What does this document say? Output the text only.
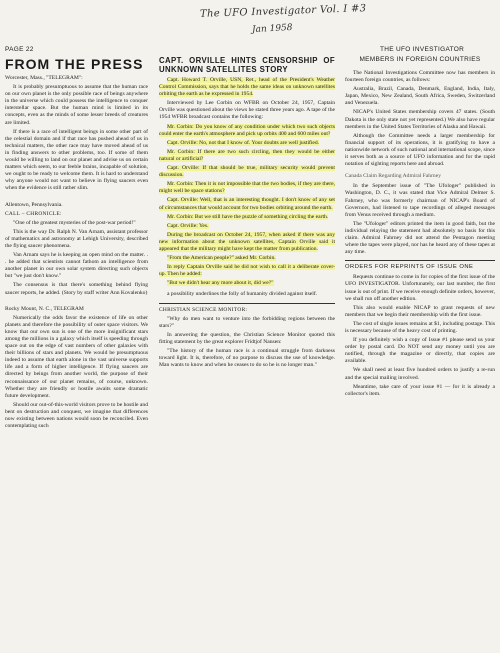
The UFO Investigator Vol. I #3
Jan 1958
PAGE 22	THE UFO INVESTIGATOR
FROM THE PRESS
Worcester, Mass., "TELEGRAM":

It is probably presumptuous to assume that the human race on our own planet is the only possible race of beings anywhere in the universe which could possess the intelligence to conquer interstellar space. But the human mind is limited in its concepts, even as the minds of some lesser breeds of creatures are limited.

If there is a race of intelligent beings in some other part of the celestial domain and if that race has pushed ahead of us in technical matters, the other race may have moved ahead of us in finding answers to other problems, too. If some of them would be willing to land on our planet and advise us on certain matters which seem, to our feeble brains, incapable of solution, we ought to be ready to welcome them. It is hard to understand why anyone would not want to believe in flying saucers even when the evidence is still rather slim.

Allentown, Pennsylvania.
CALL – CHRONICLE:

"One of the greatest mysteries of the post-war period!"

This is the way Dr. Ralph N. Van Arnam, assistant professor of mathematics and astronomy at Lehigh University, described the flying saucer phenomena.

Van Arnam says he is keeping an open mind on the matter. . . he added that scientists cannot fathom an intelligence from another planet in our own solar system directing such objects but "we just don't know."

The consensus is that there's something behind flying saucer reports, he added. (Story by staff writer Ann Kovalenko)

Rocky Mount, N. C., TELEGRAM

Numerically the odds favor the existence of life on other planets and therefore the possibility of outer space visitors. We know that our own sun is one of the more insignificant stars among the millions in a galaxy which itself is speeding through space out on the edge of vast numbers of other galaxies with their billions of stars and planets. We would be presumptuous indeed to assume that earth alone in the vast universe supports life and a form of higher intelligence. If flying saucers are directed by beings from another world, the purpose of their reconnaissance of our planet remains, of course, unknown. Whether they are friendly or hostile awaits some dramatic future development.

Should our out-of-this-world visitors prove to be hostile and bent on destruction and conquest, we imagine that differences now existing between nations would soon be reconciled. Even contemplating such

CAPT. ORVILLE HINTS CENSORSHIP OF UNKNOWN SATELLITES STORY

Capt. Howard T. Orville, USN, Ret., head of the President's Weather Control Commission, says that he holds the same ideas on unknown satellites orbiting the earth as he expressed in 1954.

Interviewed by Lee Corbin on WFBR on October 24, 1957, Captain Orville was questioned about the views he stated three years ago. A tape of the 1954 WFBR broadcast contains the following:

Mr. Corbin: Do you know of any condition under which two such objects could enter the earth's atmosphere and pick up orbits 400 and 600 miles out?

Capt. Orville: No, not that I know of. Your doubts are well justified.

Mr. Corbin: If there are two such circling, then they would be either natural or artificial?

Capt. Orville: If that should be true, military security would prevent discussion.

Mr. Corbin: Then it is not impossible that the two bodies, if they are there, might well be space stations?

Capt. Orville: Well, that is an interesting thought. I don't know of any set of circumstances that would account for two bodies orbiting around the earth.

Mr. Corbin: But we still have the puzzle of something circling the earth.

Capt. Orville: Yes.

During the broadcast on October 24, 1957, when asked if there was any new information about the unknown satellites, Captain Orville said it appeared that the military might have kept the matter from publication.

"From the American people?" asked Mr. Corbin.

In reply Captain Orville said he did not wish to call it a deliberate cover-up. Then he added:

"But we didn't hear any more about it, did we?"

a possibility underlines the folly of humanity divided against itself.

CHRISTIAN SCIENCE MONITOR:

"Why do men want to venture into the forbidding regions between the stars?"

In answering the question, the Christian Science Monitor quoted this fitting statement by the great explorer Fridtjof Nansen:

"The history of the human race is a continual struggle from darkness toward light. It is, therefore, of no purpose to discuss the use of knowledge. Man wants to know and when he ceases to do so he is no longer man."

MEMBERS IN FOREIGN COUNTRIES

The National Investigations Committee now has members in fourteen foreign countries, as follows:

Australia, Brazil, Canada, Denmark, England, India, Italy, Japan, Mexico, New Zealand, South Africa, Sweden, Switzerland and Venezuela.

NICAP's United States membership covers 47 states. (South Dakota is the only state not yet represented.) We also have regular members in the United States Territories of Alaska and Hawaii.

Although the Committee needs a larger membership for financial support of its operations, it is gratifying to have a nationwide network of such national and international scope, since it serves both as a source of UFO information and for the rapid notation of sighting reports here and abroad.

Canada Claim Regarding Admiral Fahrney

In the September issue of "The Ufologer" published in Washington, D. C., it was stated that Vice Admiral Delmer S. Fahrney, who was formerly chairman of NICAP's Board of Governors, had listened to tape recordings of alleged messages from Venus received through a medium.

The "Ufologer" editors printed the item in good faith, but the individual relaying the statement had absolutely no basis for this claim. Admiral Fahrney did not attend the Pentagon meeting where the tapes were played, nor has he heard any of these tapes at any time.

ORDERS FOR REPRINTS OF ISSUE ONE

Requests continue to come in for copies of the first issue of the UFO INVESTIGATOR. Unfortunately, our last number, the first issue is out of print. If we receive enough definite orders, however, we shall run off another edition.

This also would enable NICAP to grant requests of new members that we begin their membership with the first issue.

The cost of single issues remains at $1, including postage. This is necessary because of the heavy cost of printing.

If you definitely wish a copy of Issue #1 please send us your order by postal card. Do NOT send any money until you are notified, through the magazine or directly, that copies are available.

We shall need at least five hundred orders to justify a re-run and the special mailing involved.

Meantime, take care of your issue #1 — for it is already a collector's item.
